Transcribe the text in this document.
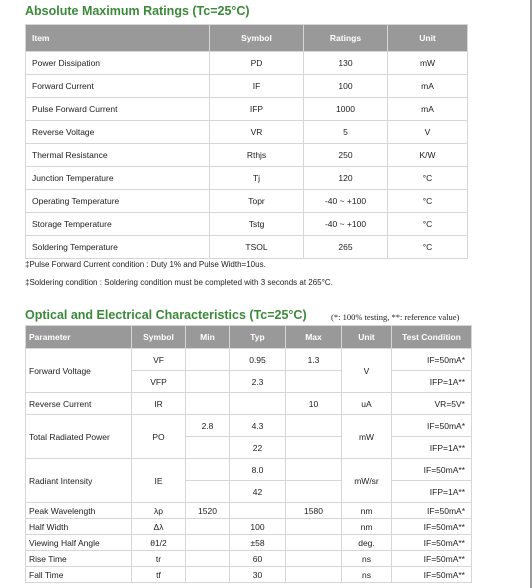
Absolute Maximum Ratings (Tc=25°C)
Item	Symbol	Ratings	Unit
Power Dissipation	PD	130	mW
Forward Current	IF	100	mA
Pulse Forward Current	IFP	1000	mA
Reverse Voltage	VR	5	V
Thermal Resistance	Rthjs	250	K/W
Junction Temperature	Tj	120	°C
Operating Temperature	Topr	-40 ~ +100	°C
Storage Temperature	Tstg	-40 ~ +100	°C
Soldering Temperature	TSOL	265	°C
‡Pulse Forward Current condition : Duty 1% and Pulse Width=10us.
‡Soldering condition : Soldering condition must be completed with 3 seconds at 265°C.
Optical and Electrical Characteristics (Tc=25°C)	(*: 100% testing, **: reference value)
Parameter	Symbol	Min	Typ	Max	Unit	Test Condition
Forward Voltage	VF		0.95	1.3	V	IF=50mA*
	VFP		2.3			IFP=1A**
Reverse Current	IR			10	uA	VR=5V*
Total Radiated Power	PO	2.8	4.3		mW	IF=50mA*
			22			IFP=1A**
Radiant Intensity	IE		8.0		mW/sr	IF=50mA**
			42			IFP=1A**
Peak Wavelength	λp	1520		1580	nm	IF=50mA*
Half Width	Δλ		100		nm	IF=50mA**
Viewing Half Angle	θ1/2		±58		deg.	IF=50mA**
Rise Time	tr		60		ns	IF=50mA**
Fall Time	tf		30		ns	IF=50mA**
